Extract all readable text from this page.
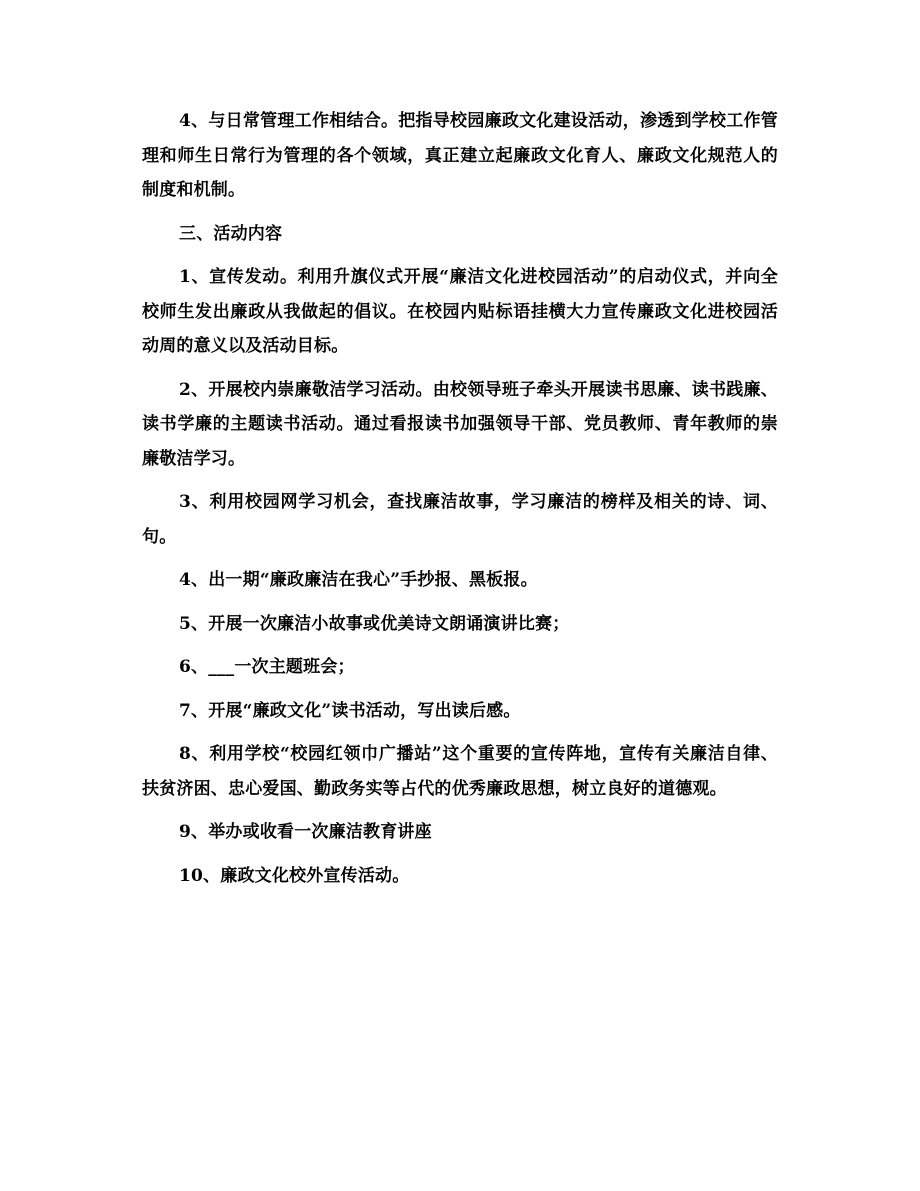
4、与日常管理工作相结合。把指导校园廉政文化建设活动，渗透到学校工作管理和师生日常行为管理的各个领域，真正建立起廉政文化育人、廉政文化规范人的制度和机制。

三、活动内容

1、宣传发动。利用升旗仪式开展“廉洁文化进校园活动”的启动仪式，并向全校师生发出廉政从我做起的倡议。在校园内贴标语挂横大力宣传廉政文化进校园活动周的意义以及活动目标。

2、开展校内崇廉敬洁学习活动。由校领导班子牵头开展读书思廉、读书践廉、读书学廉的主题读书活动。通过看报读书加强领导干部、党员教师、青年教师的崇廉敬洁学习。

3、利用校园网学习机会，查找廉洁故事，学习廉洁的榜样及相关的诗、词、句。

4、出一期“廉政廉洁在我心”手抄报、黑板报。

5、开展一次廉洁小故事或优美诗文朗诵演讲比赛；

6、___一次主题班会；

7、开展“廉政文化”读书活动，写出读后感。

8、利用学校“校园红领巾广播站”这个重要的宣传阵地，宣传有关廉洁自律、扶贫济困、忠心爱国、勤政务实等占代的优秀廉政思想，树立良好的道德观。

9、举办或收看一次廉洁教育讲座

10、廉政文化校外宣传活动。
